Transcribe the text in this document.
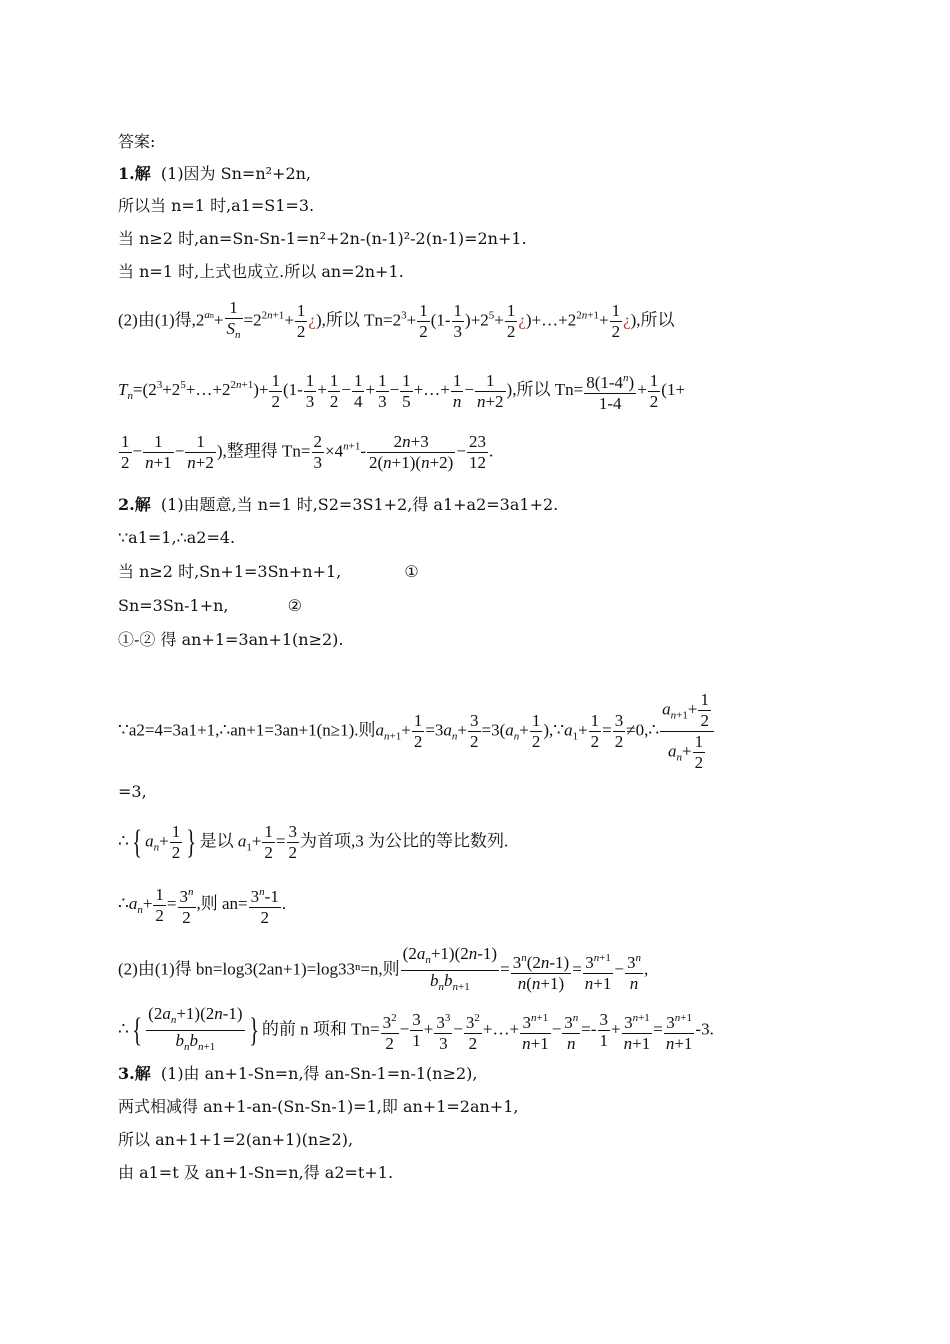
答案:
1.解 (1)因为 Sn=n²+2n,
所以当 n=1 时,a1=S1=3.
当 n≥2 时,an=Sn-Sn-1=n²+2n-(n-1)²-2(n-1)=2n+1.
当 n=1 时,上式也成立.所以 an=2n+1.
(2)由(1)得$,2^{an}+ \frac{1}{S_n} =2^{2n+1}+ \frac{1}{2}$ ¿),所以 $Tn=2^3+ \frac{1}{2} (1- \frac{1}{3} )+2^5+ \frac{1}{2}$ ¿)$+\dots+2^{2n+1}+ \frac{1}{2}$ ¿),所以
$T_n=(2^3+2^5+\dots+2^{2n+1})+ \frac{1}{2} (1- \frac{1}{3} + \frac{1}{2} - \frac{1}{4} + \frac{1}{3} - \frac{1}{5}$ +…+ $\frac{1}{n} - \frac{1}{n+2}$ ),所以 $Tn= \frac{8(1-4^n)}{1-4} + \frac{1}{2} (1+$
$\frac{1}{2} - \frac{1}{n+1} - \frac{1}{n+2}$ ),整理得 $Tn= \frac{2}{3} \times 4^{n+1}- \frac{2n+3}{2(n+1)(n+2)} - \frac{23}{12}$ .
2.解 (1)由题意,当 n=1 时,S2=3S1+2,得 a1+a2=3a1+2.
∵a1=1,∴a2=4.
当 n≥2 时,Sn+1=3Sn+n+1,	①
Sn=3Sn-1+n,	②
①-② 得 an+1=3an+1(n≥2).
∵a2=4=3a1+1,∴an+1=3an+1(n≥1).则$a_{n+1}+ \frac{1}{2} =3a_n+ \frac{3}{2} =3(a_n+ \frac{1}{2}$ )$,\because a_1+ \frac{1}{2} = \frac{3}{2}$ ≠0,∴ $\frac{a_{n+1}+ \frac{1}{2}}{a_n+ \frac{1}{2}}$
=3,
∴{ $a_n+ \frac{1}{2}$ } 是以 $a_1+ \frac{1}{2} = \frac{3}{2}$ 为首项,3 为公比的等比数列.
$\therefore a_n+ \frac{1}{2} = \frac{3^n}{2}$ ,则 $an= \frac{3^n-1}{2}$ .
(2)由(1)得 bn=log3(2an+1)=log33ⁿ=n,则
$(2a_n+1)(2n-1)$
$b_nb_{n+1}$
= $\frac{3^n(2n-1)}{n(n+1)} = \frac{3^{n+1}}{n+1} - \frac{3^n}{n}$ ,
∴{ $(2a_n+1)(2n-1)$
$b_nb_{n+1}$ } 的前 n 项和 $Tn= \frac{3^2}{2} - \frac{3}{1} + \frac{3^3}{3} - \frac{3^2}{2}$ +…+ $\frac{3^{n+1}}{n+1} - \frac{3^n}{n} =- \frac{3}{1} + \frac{3^{n+1}}{n+1} = \frac{3^{n+1}}{n+1} -3$.
3.解 (1)由 an+1-Sn=n,得 an-Sn-1=n-1(n≥2),
两式相减得 an+1-an-(Sn-Sn-1)=1,即 an+1=2an+1,
所以 an+1+1=2(an+1)(n≥2),
由 a1=t 及 an+1-Sn=n,得 a2=t+1.
